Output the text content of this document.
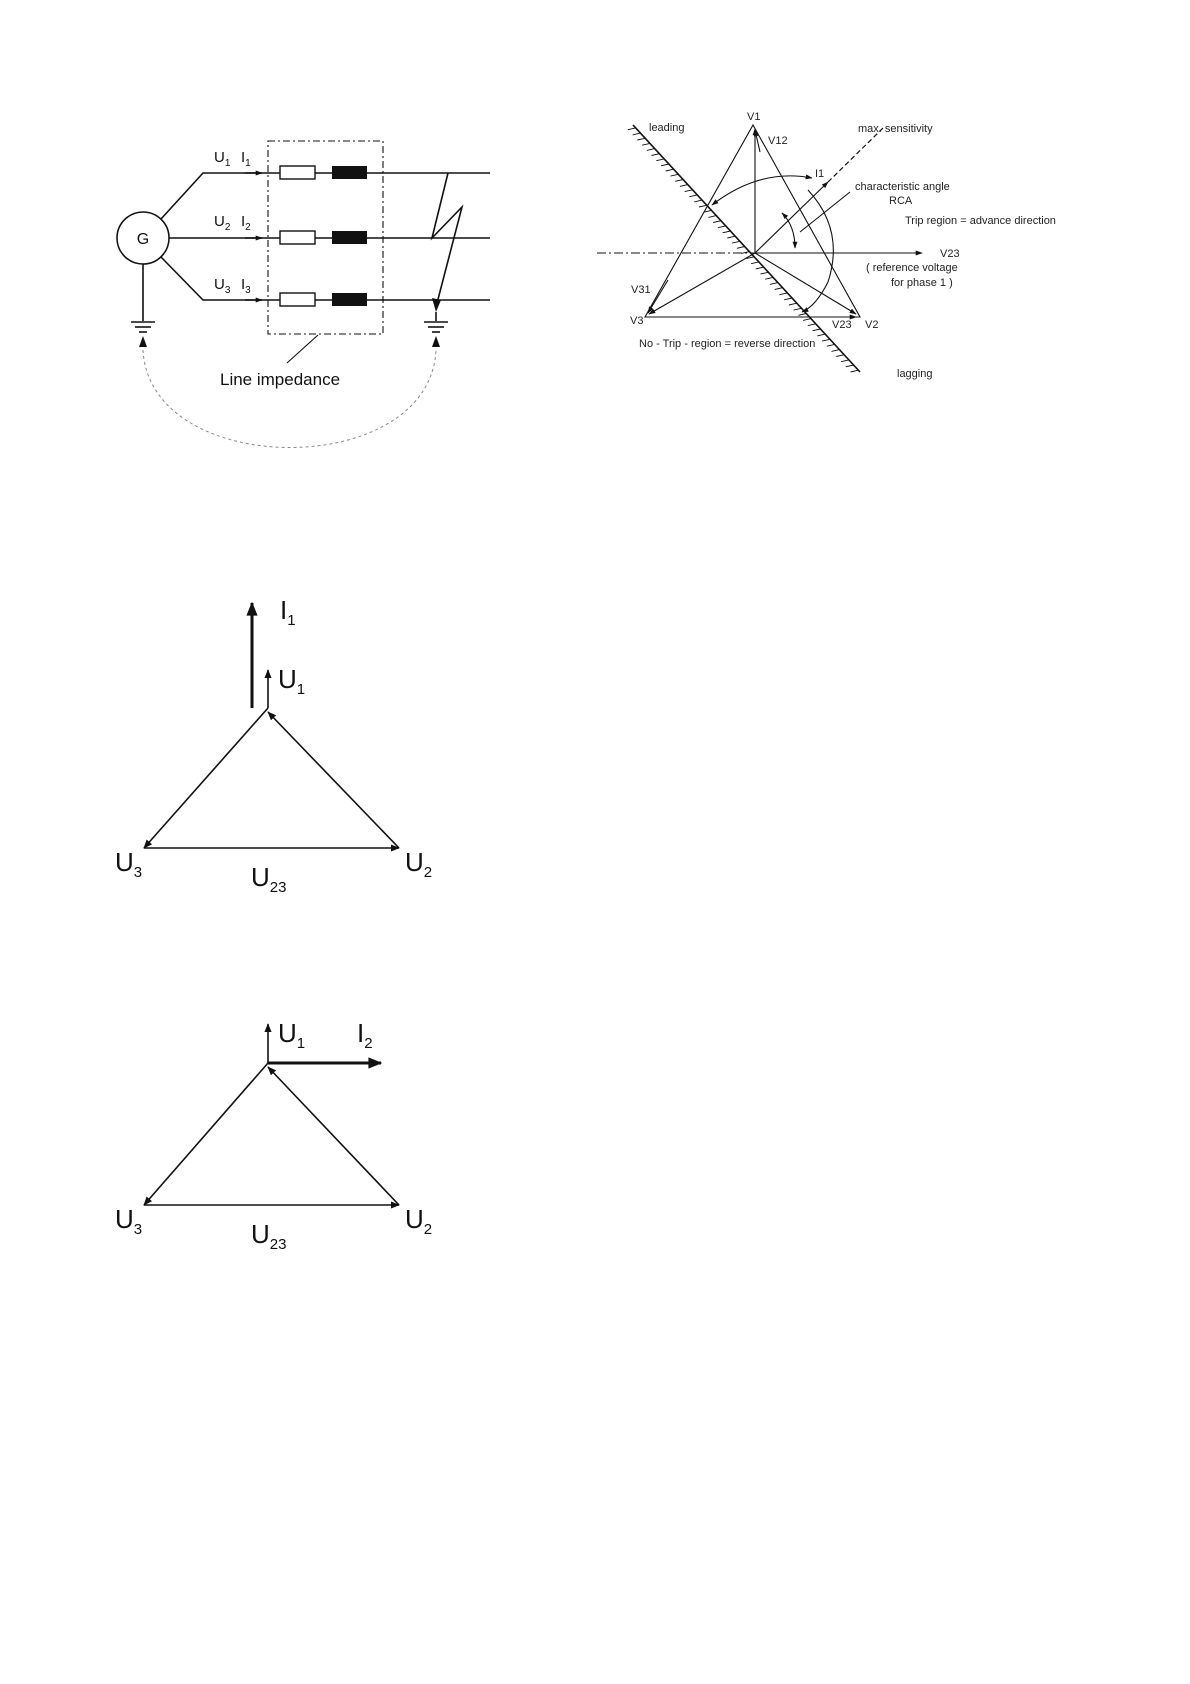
G
Line impedance
$U_1$ $I_1$
$U_2$ $I_2$
$U_3$ $I_3$
V1
V12
I1
leading	max. sensitivity
characteristic angle
RCA
Trip region = advance direction
V23
( reference voltage
for phase 1 )
V31
V3	V23 V2
No - Trip - region = reverse direction
lagging
$I_1$
$U_1$
$U_3$	$U_2$
$U_{23}$
$U_1$ $I_2$
$U_3$	$U_2$
$U_{23}$
